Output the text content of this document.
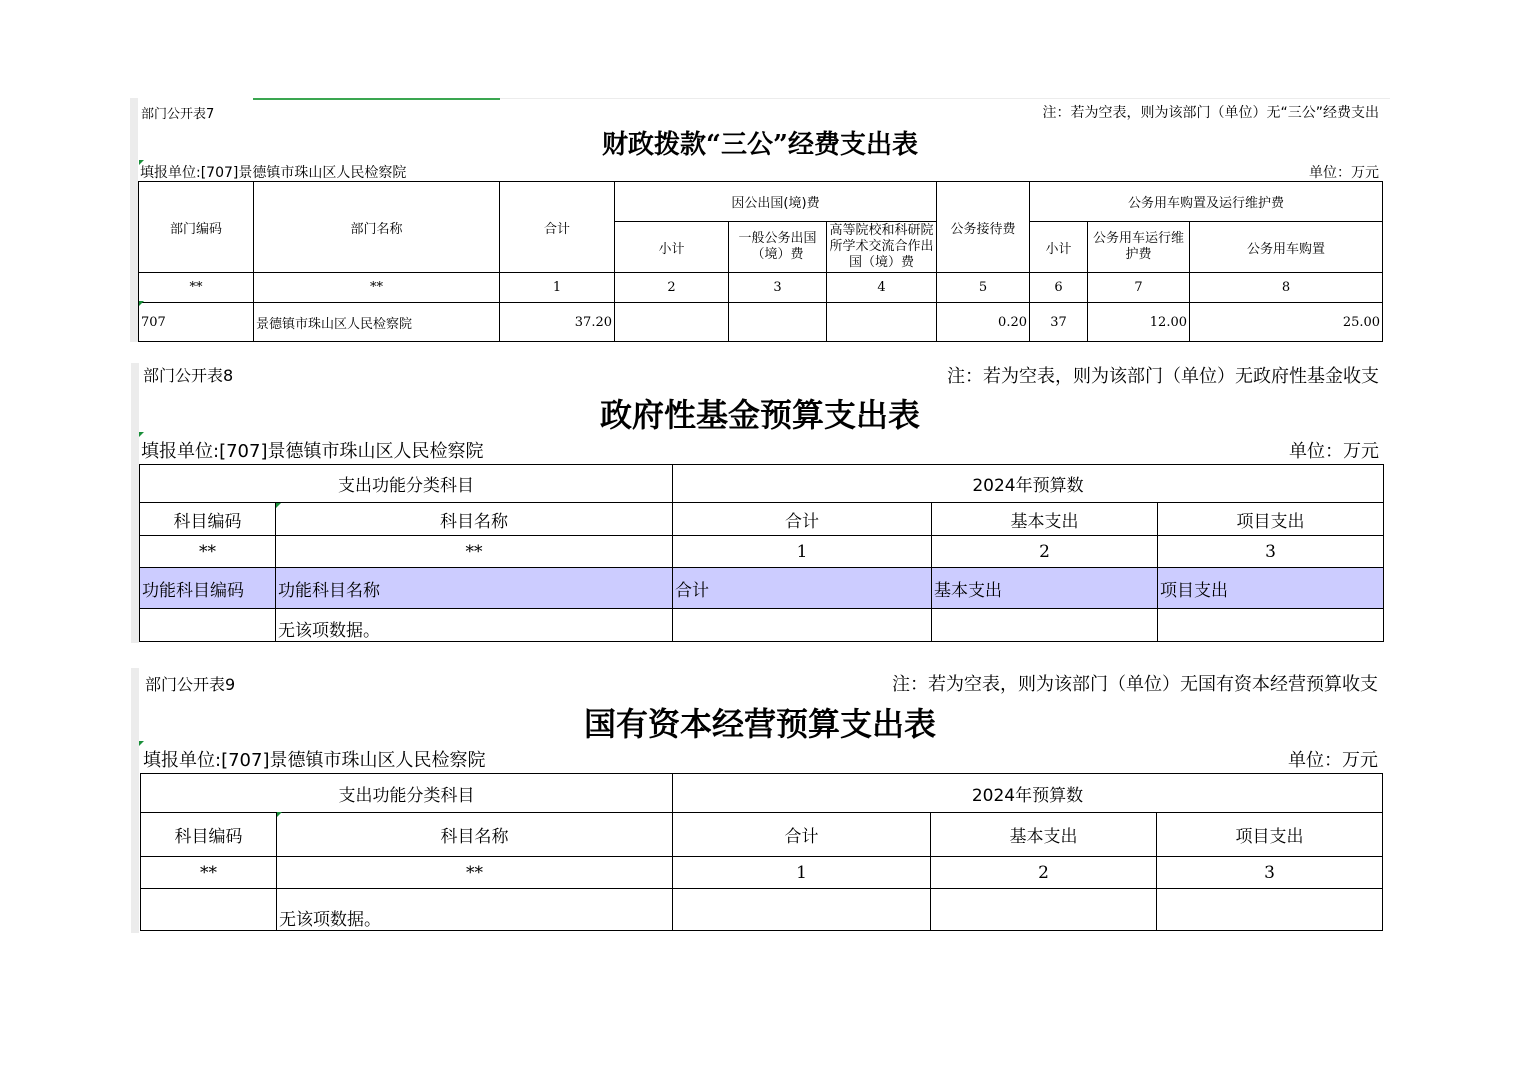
部门公开表7	注：若为空表，则为该部门（单位）无“三公”经费支出
财政拨款“三公”经费支出表
填报单位:[707]景德镇市珠山区人民检察院	单位：万元
部门编码	部门名称	合计	因公出国(境)费			公务接待费	公务用车购置及运行维护费		
			小计	一般公务出国（境）费	高等院校和科研院所学术交流合作出国（境）费		小计	公务用车运行维护费	公务用车购置
**	**	1	2	3	4	5	6	7	8
707	景德镇市珠山区人民检察院	37.20				0.20	37	12.00	25.00
部门公开表8	注：若为空表，则为该部门（单位）无政府性基金收支
政府性基金预算支出表
填报单位:[707]景德镇市珠山区人民检察院	单位：万元
支出功能分类科目		2024年预算数		
科目编码	科目名称	合计	基本支出	项目支出
**	**	1	2	3
功能科目编码	功能科目名称	合计	基本支出	项目支出
	无该项数据。			
部门公开表9	注：若为空表，则为该部门（单位）无国有资本经营预算收支
国有资本经营预算支出表
填报单位:[707]景德镇市珠山区人民检察院	单位：万元
支出功能分类科目		2024年预算数		
科目编码	科目名称	合计	基本支出	项目支出
**	**	1	2	3
	无该项数据。			
